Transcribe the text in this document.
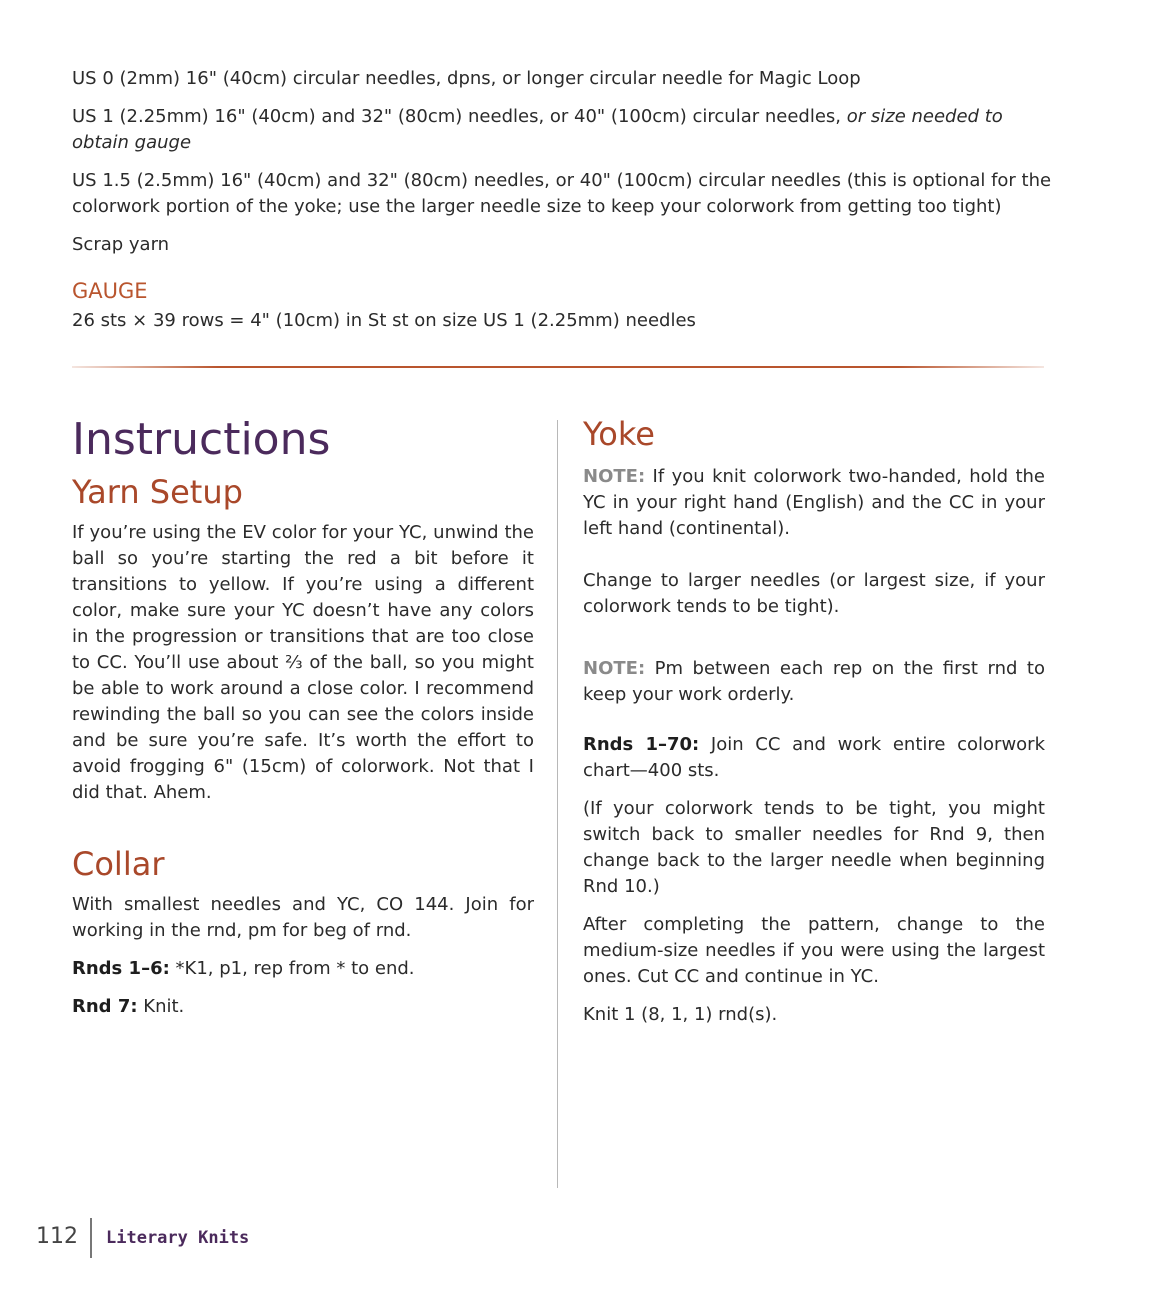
US 0 (2mm) 16" (40cm) circular needles, dpns, or longer circular needle for Magic Loop

US 1 (2.25mm) 16" (40cm) and 32" (80cm) needles, or 40" (100cm) circular needles, or size needed to obtain gauge

US 1.5 (2.5mm) 16" (40cm) and 32" (80cm) needles, or 40" (100cm) circular needles (this is optional for the colorwork portion of the yoke; use the larger needle size to keep your colorwork from getting too tight)

Scrap yarn

GAUGE

26 sts × 39 rows = 4" (10cm) in St st on size US 1 (2.25mm) needles

Instructions
Yarn Setup

If you’re using the EV color for your YC, unwind the ball so you’re starting the red a bit before it transitions to yellow. If you’re using a different color, make sure your YC doesn’t have any colors in the progression or transitions that are too close to CC. You’ll use about ⅔ of the ball, so you might be able to work around a close color. I recommend rewinding the ball so you can see the colors inside and be sure you’re safe. It’s worth the effort to avoid frogging 6" (15cm) of colorwork. Not that I did that. Ahem.

Collar

With smallest needles and YC, CO 144. Join for working in the rnd, pm for beg of rnd.

Rnds 1–6: *K1, p1, rep from * to end.

Rnd 7: Knit.

Yoke

NOTE: If you knit colorwork two-handed, hold the YC in your right hand (English) and the CC in your left hand (continental).

Change to larger needles (or largest size, if your colorwork tends to be tight).

NOTE: Pm between each rep on the first rnd to keep your work orderly.

Rnds 1–70: Join CC and work entire colorwork chart—400 sts.

(If your colorwork tends to be tight, you might switch back to smaller needles for Rnd 9, then change back to the larger needle when beginning Rnd 10.)

After completing the pattern, change to the medium-size needles if you were using the largest ones. Cut CC and continue in YC.

Knit 1 (8, 1, 1) rnd(s).

112 Literary Knits
